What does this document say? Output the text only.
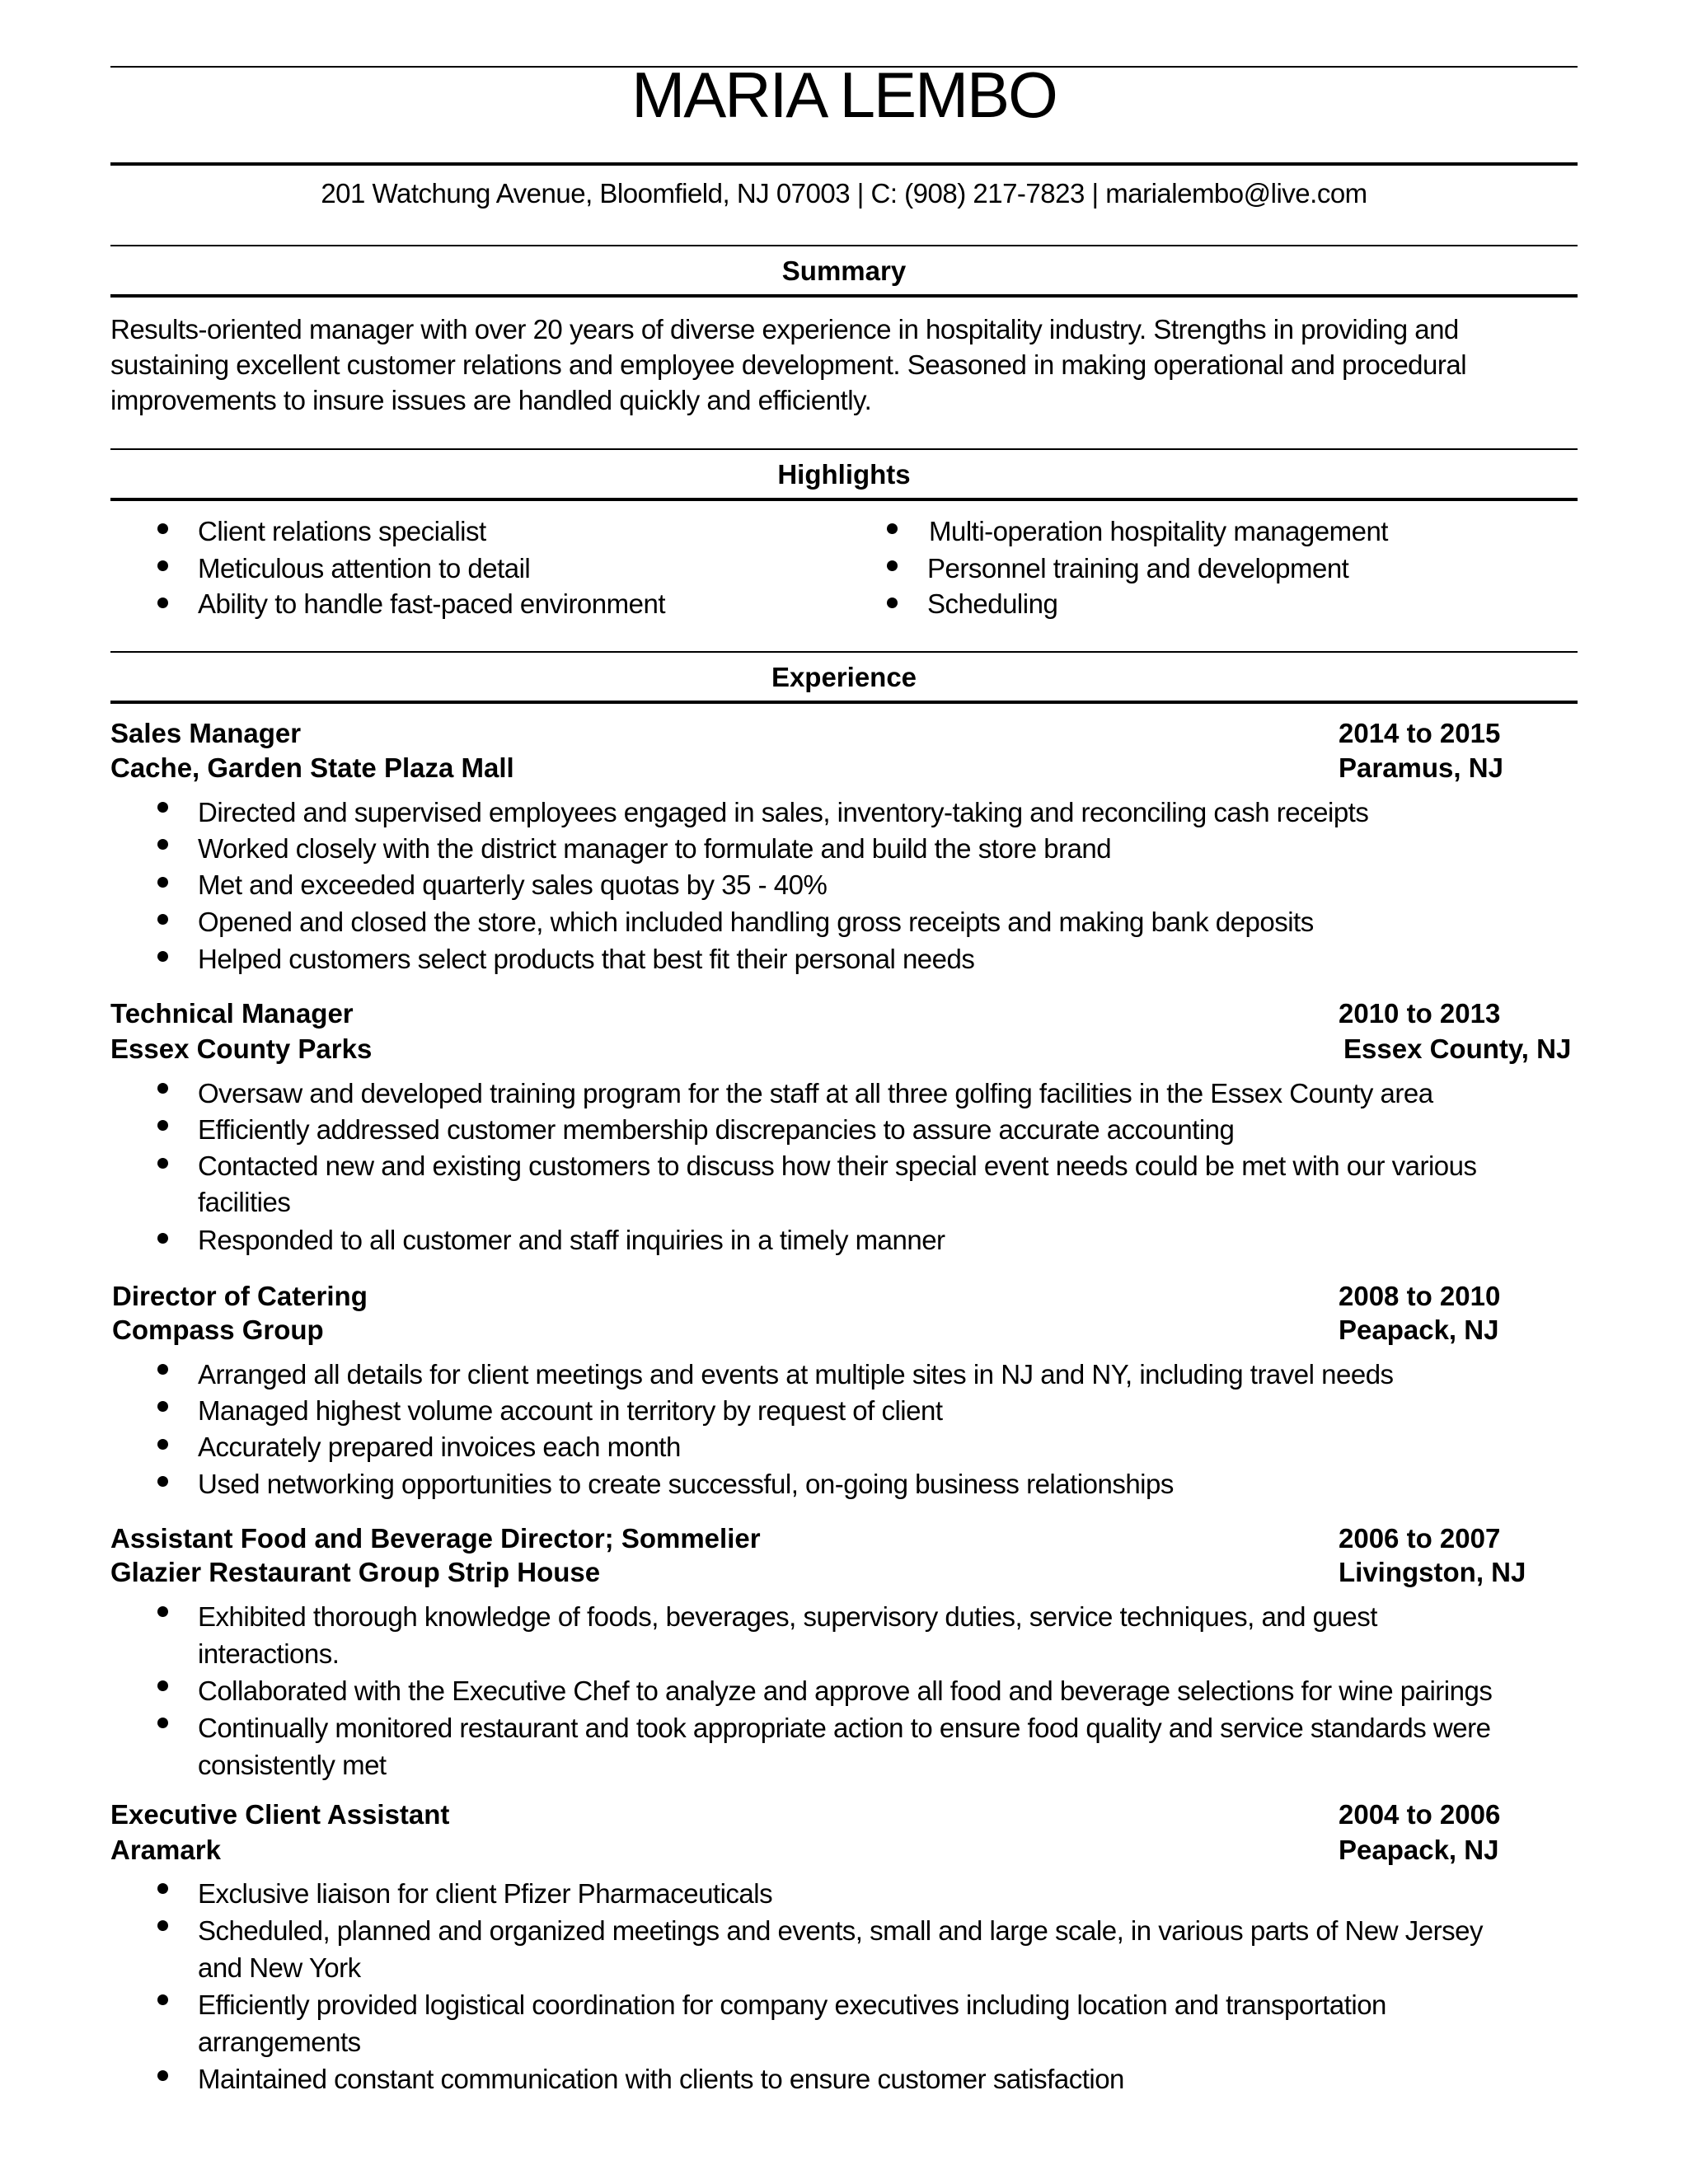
MARIA LEMBO
201 Watchung Avenue, Bloomfield, NJ 07003 | C: (908) 217-7823 | marialembo@live.com
Summary
Results-oriented manager with over 20 years of diverse experience in hospitality industry. Strengths in providing and
sustaining excellent customer relations and employee development. Seasoned in making operational and procedural
improvements to insure issues are handled quickly and efficiently.
Highlights
Client relations specialist
Meticulous attention to detail
Ability to handle fast-paced environment
Multi-operation hospitality management
Personnel training and development
Scheduling
Experience
Sales Manager	2014 to 2015
Cache, Garden State Plaza Mall	Paramus, NJ
Directed and supervised employees engaged in sales, inventory-taking and reconciling cash receipts
Worked closely with the district manager to formulate and build the store brand
Met and exceeded quarterly sales quotas by 35 - 40%
Opened and closed the store, which included handling gross receipts and making bank deposits
Helped customers select products that best fit their personal needs
Technical Manager	2010 to 2013
Essex County Parks	Essex County, NJ
Oversaw and developed training program for the staff at all three golfing facilities in the Essex County area
Efficiently addressed customer membership discrepancies to assure accurate accounting
Contacted new and existing customers to discuss how their special event needs could be met with our various
facilities
Responded to all customer and staff inquiries in a timely manner
Director of Catering	2008 to 2010
Compass Group	Peapack, NJ
Arranged all details for client meetings and events at multiple sites in NJ and NY, including travel needs
Managed highest volume account in territory by request of client
Accurately prepared invoices each month
Used networking opportunities to create successful, on-going business relationships
Assistant Food and Beverage Director; Sommelier	2006 to 2007
Glazier Restaurant Group Strip House	Livingston, NJ
Exhibited thorough knowledge of foods, beverages, supervisory duties, service techniques, and guest
interactions.
Collaborated with the Executive Chef to analyze and approve all food and beverage selections for wine pairings
Continually monitored restaurant and took appropriate action to ensure food quality and service standards were
consistently met
Executive Client Assistant	2004 to 2006
Aramark	Peapack, NJ
Exclusive liaison for client Pfizer Pharmaceuticals
Scheduled, planned and organized meetings and events, small and large scale, in various parts of New Jersey
and New York
Efficiently provided logistical coordination for company executives including location and transportation
arrangements
Maintained constant communication with clients to ensure customer satisfaction
